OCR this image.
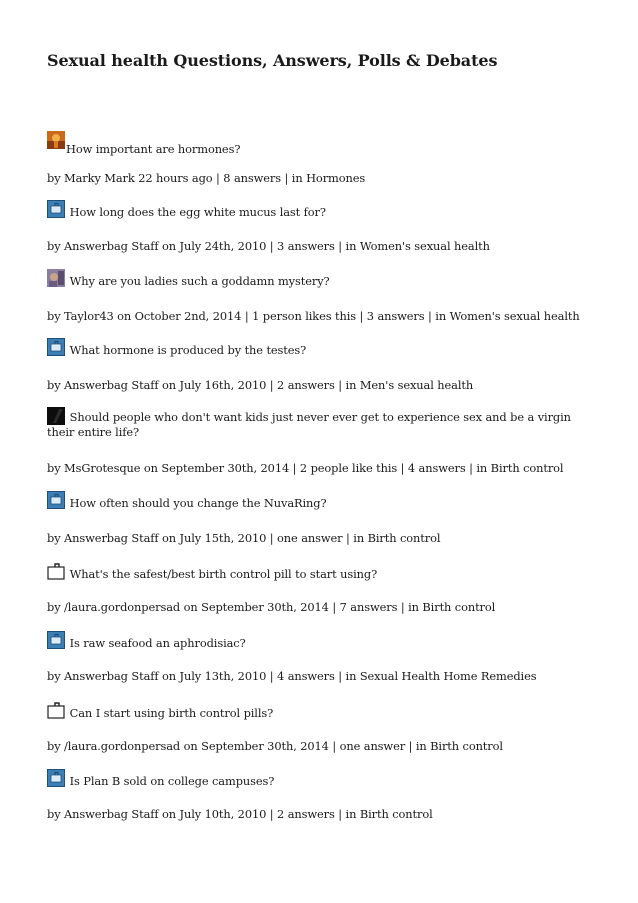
Sexual health Questions, Answers, Polls & Debates
How important are hormones?
by Marky Mark 22 hours ago | 8 answers | in Hormones
How long does the egg white mucus last for?
by Answerbag Staff on July 24th, 2010 | 3 answers | in Women's sexual health
Why are you ladies such a goddamn mystery?
by Taylor43 on October 2nd, 2014 | 1 person likes this | 3 answers | in Women's sexual health
What hormone is produced by the testes?
by Answerbag Staff on July 16th, 2010 | 2 answers | in Men's sexual health
Should people who don't want kids just never ever get to experience sex and be a virgin their entire life?
by MsGrotesque on September 30th, 2014 | 2 people like this | 4 answers | in Birth control
How often should you change the NuvaRing?
by Answerbag Staff on July 15th, 2010 | one answer | in Birth control
What's the safest/best birth control pill to start using?
by /laura.gordonpersad on September 30th, 2014 | 7 answers | in Birth control
Is raw seafood an aphrodisiac?
by Answerbag Staff on July 13th, 2010 | 4 answers | in Sexual Health Home Remedies
Can I start using birth control pills?
by /laura.gordonpersad on September 30th, 2014 | one answer | in Birth control
Is Plan B sold on college campuses?
by Answerbag Staff on July 10th, 2010 | 2 answers | in Birth control
